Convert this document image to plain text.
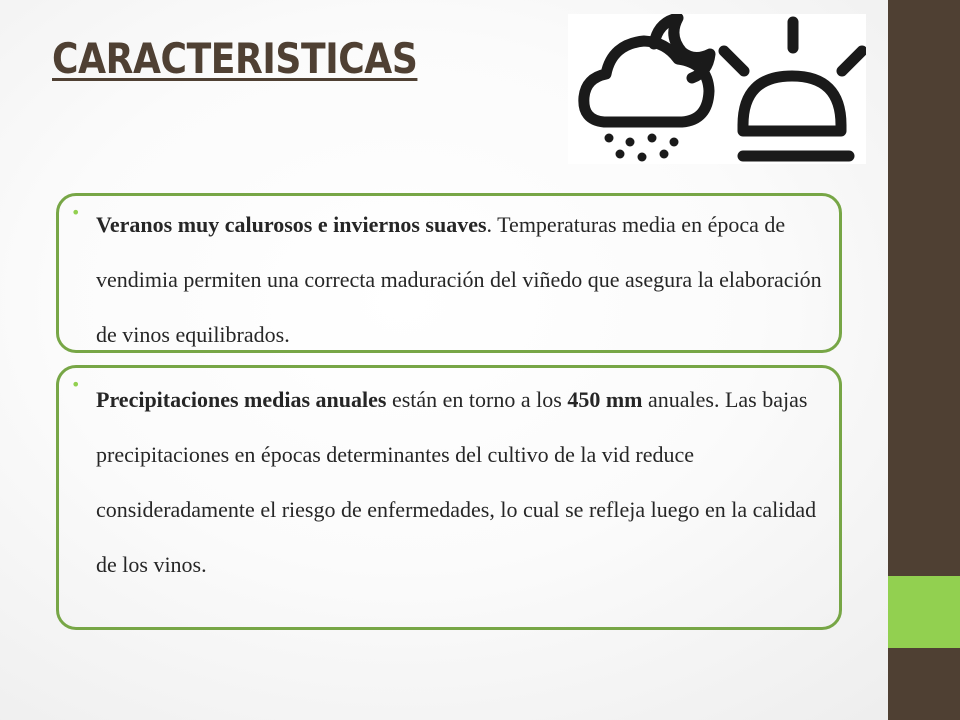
CARACTERISTICAS
• Veranos muy calurosos e inviernos suaves. Temperaturas media en época de vendimia permiten una correcta maduración del viñedo que asegura la elaboración de vinos equilibrados.

•

Precipitaciones medias anuales están en torno a los 450 mm anuales. Las bajas precipitaciones en épocas determinantes del cultivo de la vid reduce consideradamente el riesgo de enfermedades, lo cual se refleja luego en la calidad de los vinos.
